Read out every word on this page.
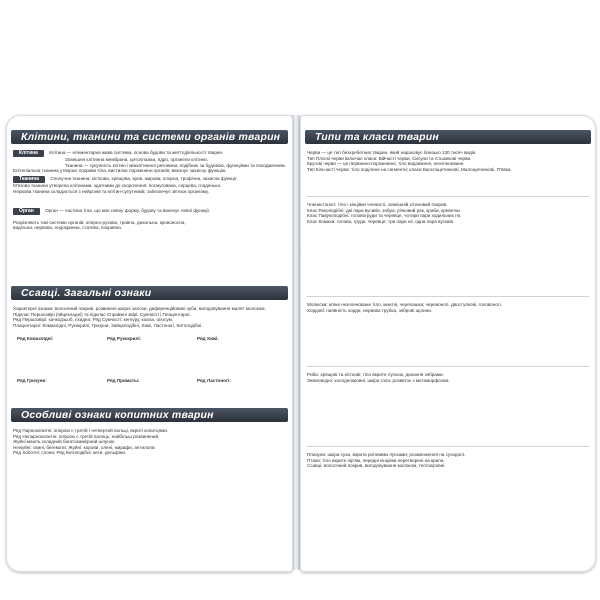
Клітини, тканини та системи органів тварин
Клітина Клітина — елементарна жива система, основа будови та життєдіяльності тварин.
Зовнішня клітинна мембрана, цитоплазма, ядро, органели клітини.
Тканина — сукупність клітин і міжклітинної речовини, подібних за будовою, функціями та походженням.
Епітеліальна тканина утворює покриви тіла, вистилає порожнини органів; виконує захисну функцію.
Тканина Сполучна тканина: кісткова, хрящова, кров, жирова; опорна, трофічна, захисна функції.
М'язова тканина утворена клітинами, здатними до скорочення: посмугована, серцева, гладенька.
Нервова тканина складається з нейронів та клітин-супутників; забезпечує зв'язок організму.
Орган Орган — частина тіла, що має певну форму, будову та виконує певні функції.
Розрізняють такі системи органів: опорно-рухова, травна, дихальна, кровоносна,
видільна, нервова, ендокринна, статева, покривна.
Ссавці. Загальні ознаки
Характерні ознаки: волосяний покрив, розвинені шкірні залози, диференційовані зуби, вигодовування малят молоком.
Підклас Першозвірі (яйцекладні) та підклас Справжні звірі: Сумчасті і Плацентарні.
Ряд Першозвірі: качкодзьоб, єхидна; Ряд Сумчасті: кенгуру, коала, опосум.
Плацентарні: Комахоїдні, Рукокрилі, Гризуни, Зайцеподібні, Хижі, Ластоногі, Китоподібні.
Ряд Комахоїдні:	Ряд Рукокрилі:	Ряд Хижі:
Ряд Гризуни:	Ряд Приматы:	Ряд Ластоногі:
Особливі ознаки копитних тварин
Ряд Парнокопитні: опорою є третій і четвертий пальці, вкриті копитцями.
Ряд Непарнокопитні: опорою є третій палець, найбільш розвинений.
Жуйні мають складний багатокамерний шлунок.
Нежуйні: свині, бегемоти; Жуйні: корови, олені, жирафи, антилопи.
Ряд Хоботні: слони; Ряд Китоподібні: кити, дельфіни.
Типи та класи тварин
Черви — це тип безхребетних тварин, який нараховує близько 130 тисяч видів.
Тип Плоскі черви включає класи: Війчасті черви, Сисуни та Стьожкові черви.
Кругові черви — це первинно-порожнинні, тіло видовжене, незчленоване.
Тип Кільчасті черви: тіло поділене на сегменти; класи Багатощетинкові, Малощетинкові, П'явки.
Членистоногі: тіло і кінцівки членисті, зовнішній хітиновий покрив.
Клас Ракоподібні: дві пари вусиків, зябра; річковий рак, краби, креветки.
Клас Павукоподібні: головогруди та черевце, чотири пари ходильних ніг.
Клас Комахи: голова, груди, черевце; три пари ніг, одна пара вусиків.
Молюски: м'яке незчленоване тіло, мантія, черепашка; черевоногі, двостулкові, головоногі.
Хордові: наявність хорди, нервова трубка, зяброві щілини.
Риби: хрящові та кісткові; тіло вкрите лускою, дихання зябрами.
Земноводні: холоднокровні, шкіра гола, розвиток з метаморфозом.
Плазуни: шкіра суха, вкрита роговими лусками; розмноження на суходолі.
Птахи: тіло вкрите пір'ям, передні кінцівки перетворені на крила.
Ссавці: волосяний покрив, вигодовування молоком, теплокровні.
